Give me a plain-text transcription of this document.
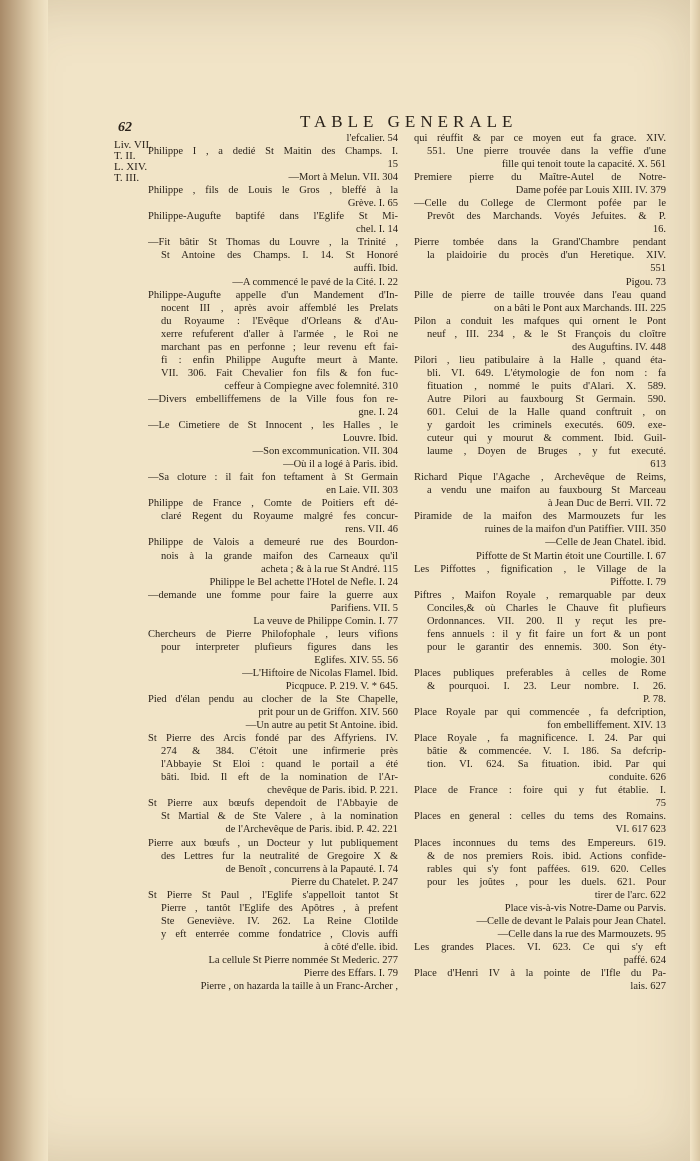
62	TABLE GENERALE
Liv. VII.
T. II.
L. XIV.
T. III.
l'efcalier. 54
Philippe I , a dedié St Maitin des Champs. I.
15
—Mort à Melun. VII. 304
Philippe , fils de Louis le Gros , bleffé à la
Grève. I. 65
Philippe-Augufte baptifé dans l'Eglife St Mi-
chel. I. 14
—Fit bâtir St Thomas du Louvre , la Trinité ,
St Antoine des Champs. I. 14. St Honoré
auffi. Ibid.
—A commencé le pavé de la Cité. I. 22
Philippe-Augufte appelle d'un Mandement d'In-
nocent III , après avoir affemblé les Prelats
du Royaume : l'Evêque d'Orleans & d'Au-
xerre refuferent d'aller à l'armée , le Roi ne
marchant pas en perfonne ; leur revenu eft fai-
fi : enfin Philippe Augufte meurt à Mante.
VII. 306. Fait Chevalier fon fils & fon fuc-
ceffeur à Compiegne avec folemnité. 310
—Divers embelliffemens de la Ville fous fon re-
gne. I. 24
—Le Cimetiere de St Innocent , les Halles , le
Louvre. Ibid.
—Son excommunication. VII. 304
—Où il a logé à Paris. ibid.
—Sa cloture : il fait fon teftament à St Germain
en Laie. VII. 303
Philippe de France , Comte de Poitiers eft dé-
claré Regent du Royaume malgré fes concur-
rens. VII. 46
Philippe de Valois a demeuré rue des Bourdon-
nois à la grande maifon des Carneaux qu'il
acheta ; & à la rue St André. 115
Philippe le Bel achette l'Hotel de Nefle. I. 24
—demande une fomme pour faire la guerre aux
Parifiens. VII. 5
La veuve de Philippe Comin. I. 77
Chercheurs de Pierre Philofophale , leurs vifions
pour interpreter plufieurs figures dans les
Eglifes. XIV. 55. 56
—L'Hiftoire de Nicolas Flamel. Ibid.
Picqpuce. P. 219. V. * 645.
Pied d'élan pendu au clocher de la Ste Chapelle,
prit pour un de Griffon. XIV. 560
—Un autre au petit St Antoine. ibid.
St Pierre des Arcis fondé par des Affyriens. IV.
274 & 384. C'étoit une infirmerie près
l'Abbayie St Eloi : quand le portail a été
bâti. Ibid. Il eft de la nomination de l'Ar-
chevêque de Paris. ibid. P. 221.
St Pierre aux bœufs dependoit de l'Abbayie de
St Martial & de Ste Valere , à la nomination
de l'Archevêque de Paris. ibid. P. 42. 221
Pierre aux bœufs , un Docteur y lut publiquement
des Lettres fur la neutralité de Gregoire X &
de Benoît , concurrens à la Papauté. I. 74
Pierre du Chatelet. P. 247
St Pierre St Paul , l'Eglife s'appelloit tantot St
Pierre , tantôt l'Eglife des Apôtres , à prefent
Ste Geneviève. IV. 262. La Reine Clotilde
y eft enterrée comme fondatrice , Clovis auffi
à côté d'elle. ibid.
La cellule St Pierre nommée St Mederic. 277
Pierre des Effars. I. 79
Pierre , on hazarda la taille à un Franc-Archer ,
qui réuffit & par ce moyen eut fa grace. XIV.
551. Une pierre trouvée dans la veffie d'une
fille qui tenoit toute la capacité. X. 561
Premiere pierre du Maître-Autel de Notre-
Dame pofée par Louis XIII. IV. 379
—Celle du College de Clermont pofée par le
Prevôt des Marchands. Voyés Jefuites. & P.
16.
Pierre tombée dans la Grand'Chambre pendant
la plaidoirie du procès d'un Heretique. XIV.
551
Pigou. 73
Pille de pierre de taille trouvée dans l'eau quand
on a bâti le Pont aux Marchands. III. 225
Pilon a conduit les mafques qui ornent le Pont
neuf , III. 234 , & le St François du cloître
des Auguftins. IV. 448
Pilori , lieu patibulaire à la Halle , quand éta-
bli. VI. 649. L'étymologie de fon nom : fa
fituation , nommé le puits d'Alari. X. 589.
Autre Pilori au fauxbourg St Germain. 590.
601. Celui de la Halle quand conftruit , on
y gardoit les criminels executés. 609. exe-
cuteur qui y mourut & comment. Ibid. Guil-
laume , Doyen de Bruges , y fut executé.
613
Richard Pique l'Agache , Archevêque de Reims,
a vendu une maifon au fauxbourg St Marceau
à Jean Duc de Berri. VII. 72
Piramide de la maifon des Marmouzets fur les
ruines de la maifon d'un Patiffier. VIII. 350
—Celle de Jean Chatel. ibid.
Piffotte de St Martin étoit une Courtille. I. 67
Les Piffottes , fignification , le Village de la
Piffotte. I. 79
Piftres , Maifon Royale , remarquable par deux
Conciles,& où Charles le Chauve fit plufieurs
Ordonnances. VII. 200. Il y reçut les pre-
fens annuels : il y fit faire un fort & un pont
pour le garantir des ennemis. 300. Son éty-
mologie. 301
Places publiques preferables à celles de Rome
& pourquoi. I. 23. Leur nombre. I. 26.
P. 78.
Place Royale par qui commencée , fa defcription,
fon embelliffement. XIV. 13
Place Royale , fa magnificence. I. 24. Par qui
bâtie & commencée. V. I. 186. Sa defcrip-
tion. VI. 624. Sa fituation. ibid. Par qui
conduite. 626
Place de France : foire qui y fut établie. I.
75
Places en general : celles du tems des Romains.
VI. 617 623
Places inconnues du tems des Empereurs. 619.
& de nos premiers Rois. ibid. Actions confide-
rables qui s'y font paffées. 619. 620. Celles
pour les joûtes , pour les duels. 621. Pour
tirer de l'arc. 622
Place vis-à-vis Notre-Dame ou Parvis.
—Celle de devant le Palais pour Jean Chatel.
—Celle dans la rue des Marmouzets. 95
Les grandes Places. VI. 623. Ce qui s'y eft
paffé. 624
Place d'Henri IV à la pointe de l'Ifle du Pa-
lais. 627
